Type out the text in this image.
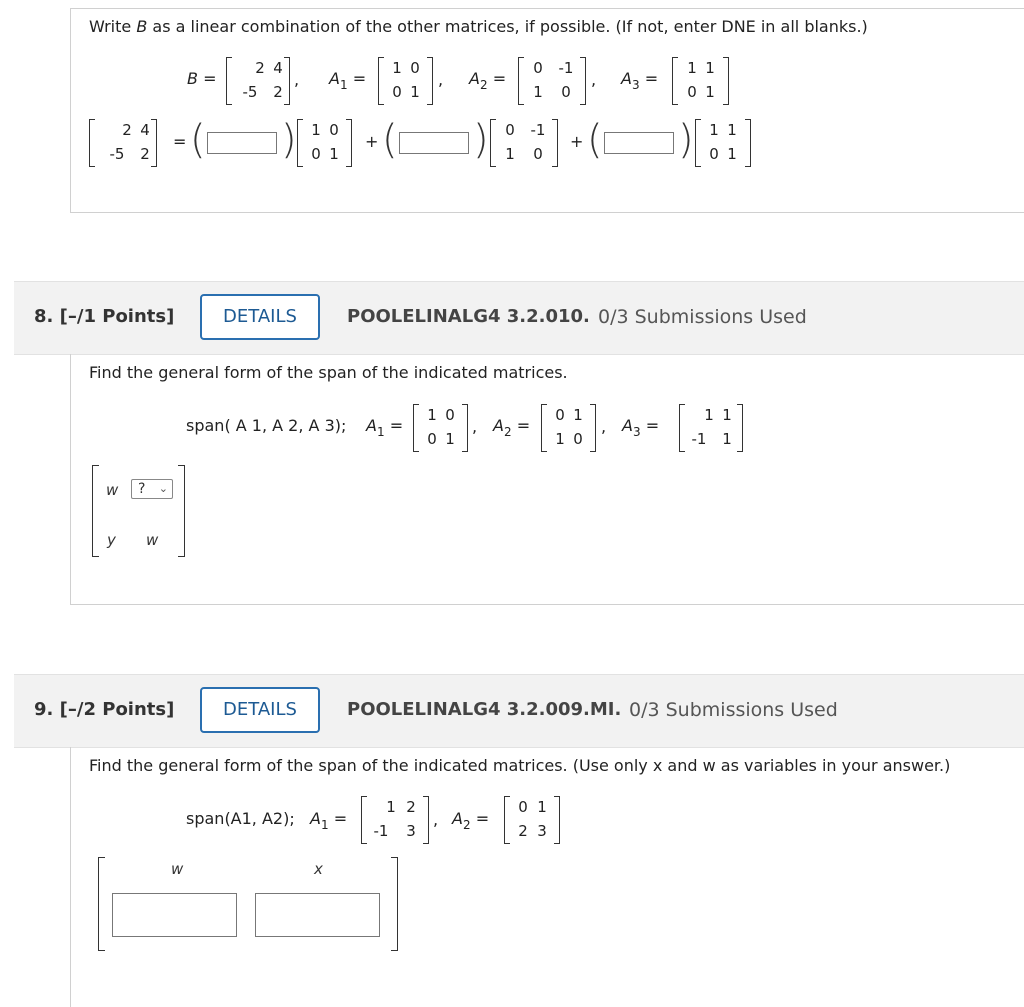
Write B as a linear combination of the other matrices, if possible. (If not, enter DNE in all blanks.)
B =
2 4
-5	2
, $A_1$ =
1 0
0 1
, $A_2$ =
0	-1
1	0
, $A_3$ =
1 1
0 1
2 4
-5	2
= ( ) 1 0
0 1
+ ( )	0	-1
1	0
+ ( )	1 1
0 1
8. [–/1 Points]	DETAILS	POOLELINALG4 3.2.010. 0/3 Submissions Used
Find the general form of the span of the indicated matrices.
span( A 1, A 2, A 3); $A_1$ =
1 0
0 1
, $A_2$ =
0 1
1 0
, $A_3$ =
1 1
-1	1
w	? ⌄
y w
9. [–/2 Points]	DETAILS	POOLELINALG4 3.2.009.MI. 0/3 Submissions Used
Find the general form of the span of the indicated matrices. (Use only x and w as variables in your answer.)
span(A1, A2); $A_1$ =
1 2
-1	3
, $A_2$ =
0 1
2 3
w	x
